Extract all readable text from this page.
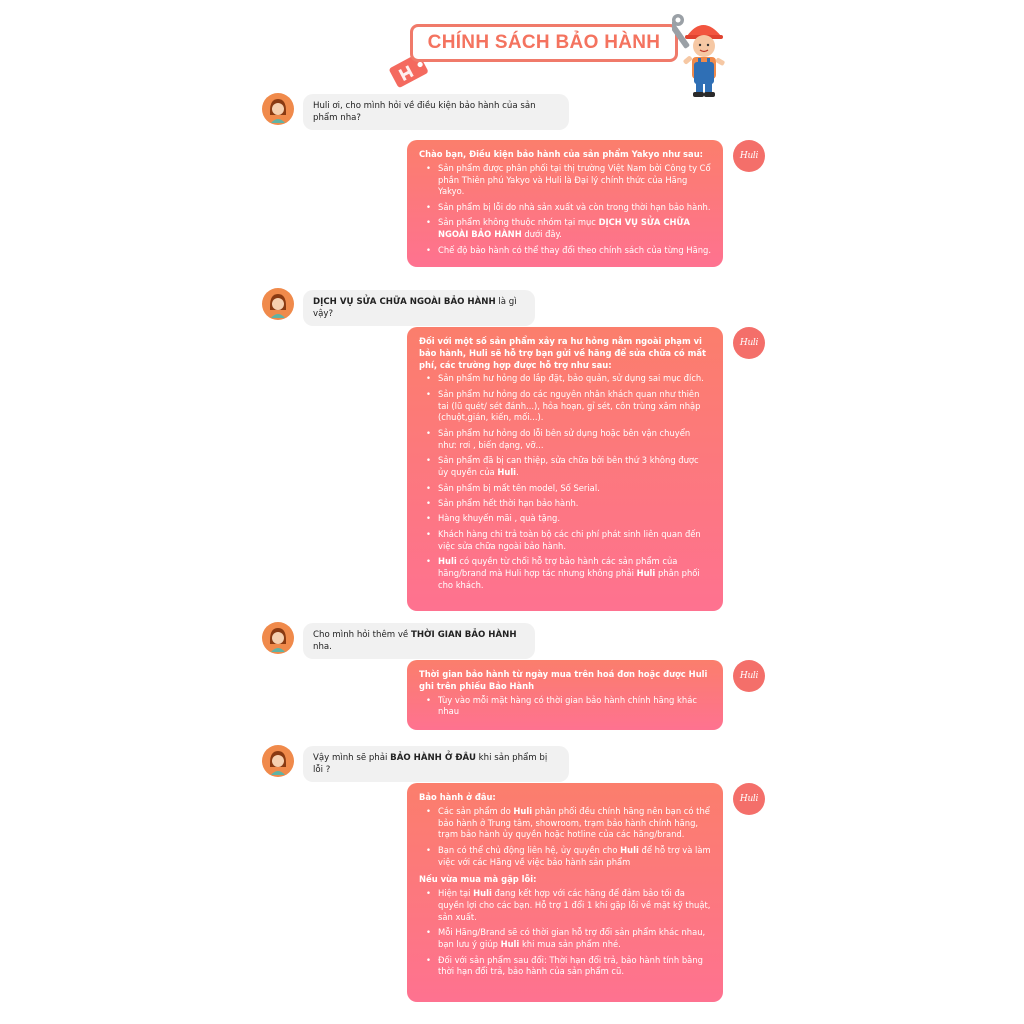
CHÍNH SÁCH BẢO HÀNH
Huli
Huli
Huli
Huli
Huli ơi, cho mình hỏi về điều kiện bảo hành của sản phẩm nha?
Chào bạn, Điều kiện bảo hành của sản phẩm Yakyo như sau:
• Sản phẩm được phân phối tại thị trường Việt Nam bởi Công ty Cổ phần Thiên phú Yakyo và Huli là Đại lý chính thức của Hãng Yakyo.
• Sản phẩm bị lỗi do nhà sản xuất và còn trong thời hạn bảo hành.
• Sản phẩm không thuộc nhóm tại mục DỊCH VỤ SỬA CHỮA NGOÀI BẢO HÀNH dưới đây.
• Chế độ bảo hành có thể thay đổi theo chính sách của từng Hãng.
DỊCH VỤ SỬA CHỮA NGOÀI BẢO HÀNH là gì vậy?
Đối với một số sản phẩm xảy ra hư hỏng nằm ngoài phạm vi bảo hành, Huli sẽ hỗ trợ bạn gửi về hãng để sửa chữa có mất phí, các trường hợp được hỗ trợ như sau:
• Sản phẩm hư hỏng do lắp đặt, bảo quản, sử dụng sai mục đích.
• Sản phẩm hư hỏng do các nguyên nhân khách quan như thiên tai (lũ quét/ sét đánh...), hỏa hoạn, gỉ sét, côn trùng xâm nhập (chuột,gián, kiến, mối...).
• Sản phẩm hư hỏng do lỗi bên sử dụng hoặc bên vận chuyển như: rơi , biến dạng, vỡ...
• Sản phẩm đã bị can thiệp, sửa chữa bởi bên thứ 3 không được ủy quyền của Huli.
• Sản phẩm bị mất tên model, Số Serial.
• Sản phẩm hết thời hạn bảo hành.
• Hàng khuyến mãi , quà tặng.
• Khách hàng chi trả toàn bộ các chi phí phát sinh liên quan đến việc sửa chữa ngoài bảo hành.
• Huli có quyền từ chối hỗ trợ bảo hành các sản phẩm của hãng/brand mà Huli hợp tác nhưng không phải Huli phân phối cho khách.
Cho mình hỏi thêm về THỜI GIAN BẢO HÀNH nha.
Thời gian bảo hành từ ngày mua trên hoá đơn hoặc được Huli ghi trên phiếu Bảo Hành
• Tùy vào mỗi mặt hàng có thời gian bảo hành chính hãng khác nhau
Vậy mình sẽ phải BẢO HÀNH Ở ĐÂU khi sản phẩm bị lỗi ?
Bảo hành ở đâu:
• Các sản phẩm do Huli phân phối đều chính hãng nên bạn có thể bảo hành ở Trung tâm, showroom, trạm bảo hành chính hãng, trạm bảo hành ủy quyền hoặc hotline của các hãng/brand.
• Bạn có thể chủ động liên hệ, ủy quyền cho Huli để hỗ trợ và làm việc với các Hãng về việc bảo hành sản phẩm
Nếu vừa mua mà gặp lỗi:
• Hiện tại Huli đang kết hợp với các hãng để đảm bảo tối đa quyền lợi cho các bạn. Hỗ trợ 1 đổi 1 khi gặp lỗi về mặt kỹ thuật, sản xuất.
• Mỗi Hãng/Brand sẽ có thời gian hỗ trợ đổi sản phẩm khác nhau, bạn lưu ý giúp Huli khi mua sản phẩm nhé.
• Đối với sản phẩm sau đổi: Thời hạn đổi trả, bảo hành tính bằng thời hạn đổi trả, bảo hành của sản phẩm cũ.
